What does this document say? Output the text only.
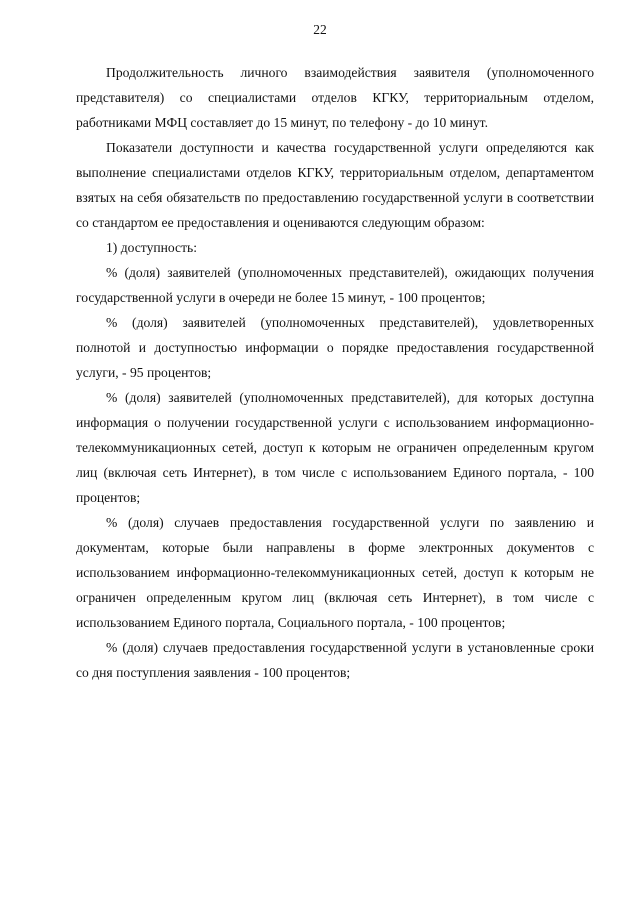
22

Продолжительность личного взаимодействия заявителя (уполномоченного представителя) со специалистами отделов КГКУ, территориальным отделом, работниками МФЦ составляет до 15 минут, по телефону - до 10 минут.

Показатели доступности и качества государственной услуги определяются как выполнение специалистами отделов КГКУ, территориальным отделом, департаментом взятых на себя обязательств по предоставлению государственной услуги в соответствии со стандартом ее предоставления и оцениваются следующим образом:

1) доступность:

% (доля) заявителей (уполномоченных представителей), ожидающих получения государственной услуги в очереди не более 15 минут, - 100 процентов;

% (доля) заявителей (уполномоченных представителей), удовлетворенных полнотой и доступностью информации о порядке предоставления государственной услуги, - 95 процентов;

% (доля) заявителей (уполномоченных представителей), для которых доступна информация о получении государственной услуги с использованием информационно-телекоммуникационных сетей, доступ к которым не ограничен определенным кругом лиц (включая сеть Интернет), в том числе с использованием Единого портала, - 100 процентов;

% (доля) случаев предоставления государственной услуги по заявлению и документам, которые были направлены в форме электронных документов с использованием информационно-телекоммуникационных сетей, доступ к которым не ограничен определенным кругом лиц (включая сеть Интернет), в том числе с использованием Единого портала, Социального портала, - 100 процентов;

% (доля) случаев предоставления государственной услуги в установленные сроки со дня поступления заявления - 100 процентов;
